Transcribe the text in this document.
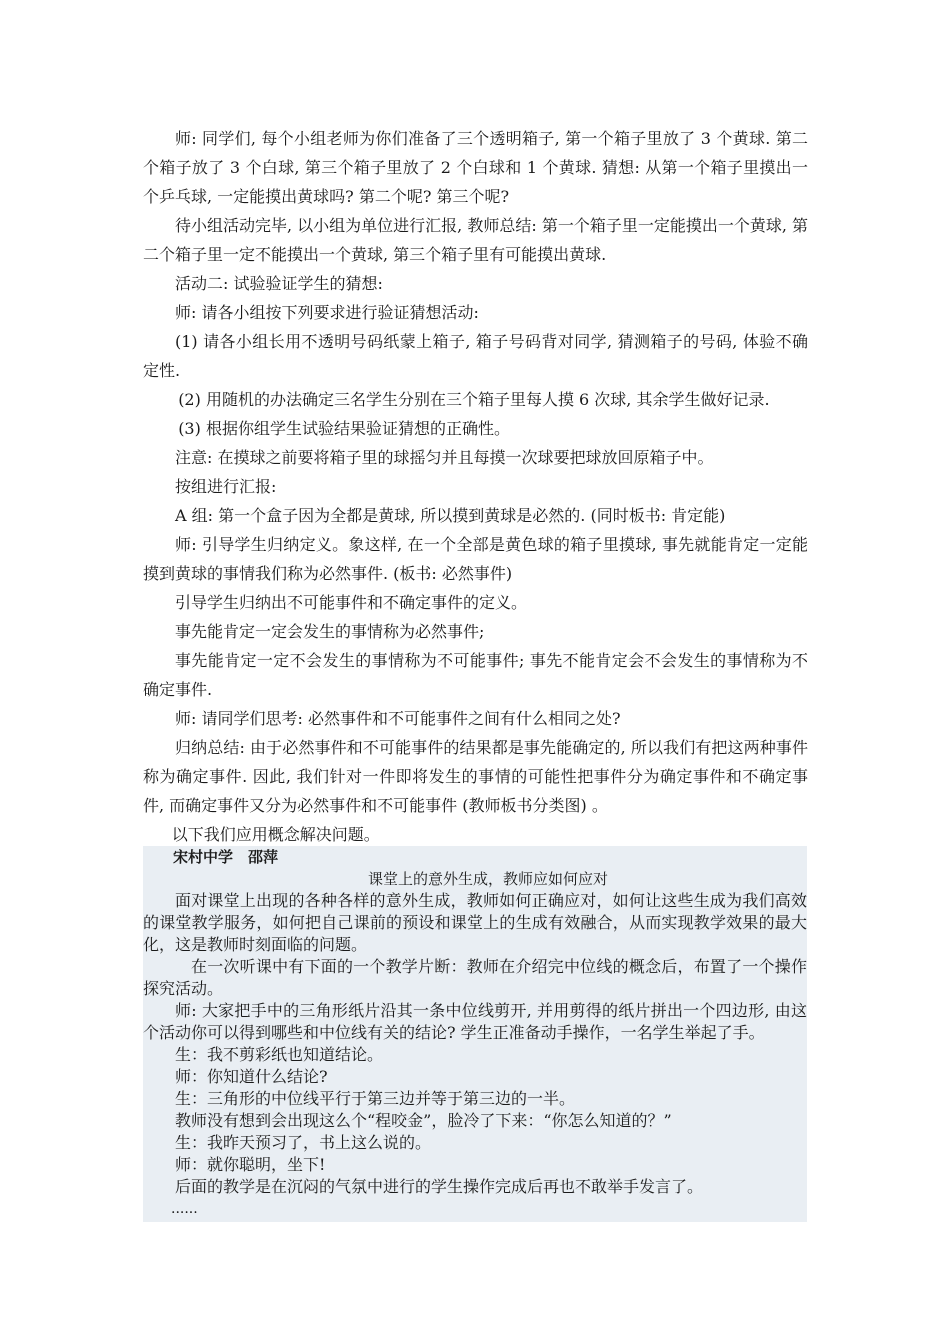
师: 同学们, 每个小组老师为你们准备了三个透明箱子, 第一个箱子里放了 3 个黄球. 第二个箱子放了 3 个白球, 第三个箱子里放了 2 个白球和 1 个黄球. 猜想: 从第一个箱子里摸出一个乒乓球, 一定能摸出黄球吗? 第二个呢? 第三个呢?

待小组活动完毕, 以小组为单位进行汇报, 教师总结: 第一个箱子里一定能摸出一个黄球, 第二个箱子里一定不能摸出一个黄球, 第三个箱子里有可能摸出黄球.

活动二: 试验验证学生的猜想:

师: 请各小组按下列要求进行验证猜想活动:

(1) 请各小组长用不透明号码纸蒙上箱子, 箱子号码背对同学, 猜测箱子的号码, 体验不确定性.

(2) 用随机的办法确定三名学生分别在三个箱子里每人摸 6 次球, 其余学生做好记录.

(3) 根据你组学生试验结果验证猜想的正确性。

注意: 在摸球之前要将箱子里的球摇匀并且每摸一次球要把球放回原箱子中。

按组进行汇报:

A 组: 第一个盒子因为全都是黄球, 所以摸到黄球是必然的. (同时板书: 肯定能)

师: 引导学生归纳定义。象这样, 在一个全部是黄色球的箱子里摸球, 事先就能肯定一定能摸到黄球的事情我们称为必然事件. (板书: 必然事件)

引导学生归纳出不可能事件和不确定事件的定义。

事先能肯定一定会发生的事情称为必然事件;

事先能肯定一定不会发生的事情称为不可能事件; 事先不能肯定会不会发生的事情称为不确定事件.

师: 请同学们思考: 必然事件和不可能事件之间有什么相同之处?

归纳总结: 由于必然事件和不可能事件的结果都是事先能确定的, 所以我们有把这两种事件称为确定事件. 因此, 我们针对一件即将发生的事情的可能性把事件分为确定事件和不确定事件, 而确定事件又分为必然事件和不可能事件 (教师板书分类图) 。

以下我们应用概念解决问题。

宋村中学　邵萍

课堂上的意外生成，教师应如何应对

面对课堂上出现的各种各样的意外生成，教师如何正确应对，如何让这些生成为我们高效的课堂教学服务，如何把自己课前的预设和课堂上的生成有效融合，从而实现教学效果的最大化，这是教师时刻面临的问题。

在一次听课中有下面的一个教学片断：教师在介绍完中位线的概念后，布置了一个操作探究活动。

师: 大家把手中的三角形纸片沿其一条中位线剪开, 并用剪得的纸片拼出一个四边形, 由这个活动你可以得到哪些和中位线有关的结论? 学生正准备动手操作，一名学生举起了手。

生：我不剪彩纸也知道结论。

师：你知道什么结论?

生：三角形的中位线平行于第三边并等于第三边的一半。

教师没有想到会出现这么个“程咬金”，脸冷了下来：“你怎么知道的？”

生：我昨天预习了，书上这么说的。

师：就你聪明，坐下!

后面的教学是在沉闷的气氛中进行的学生操作完成后再也不敢举手发言了。

......
